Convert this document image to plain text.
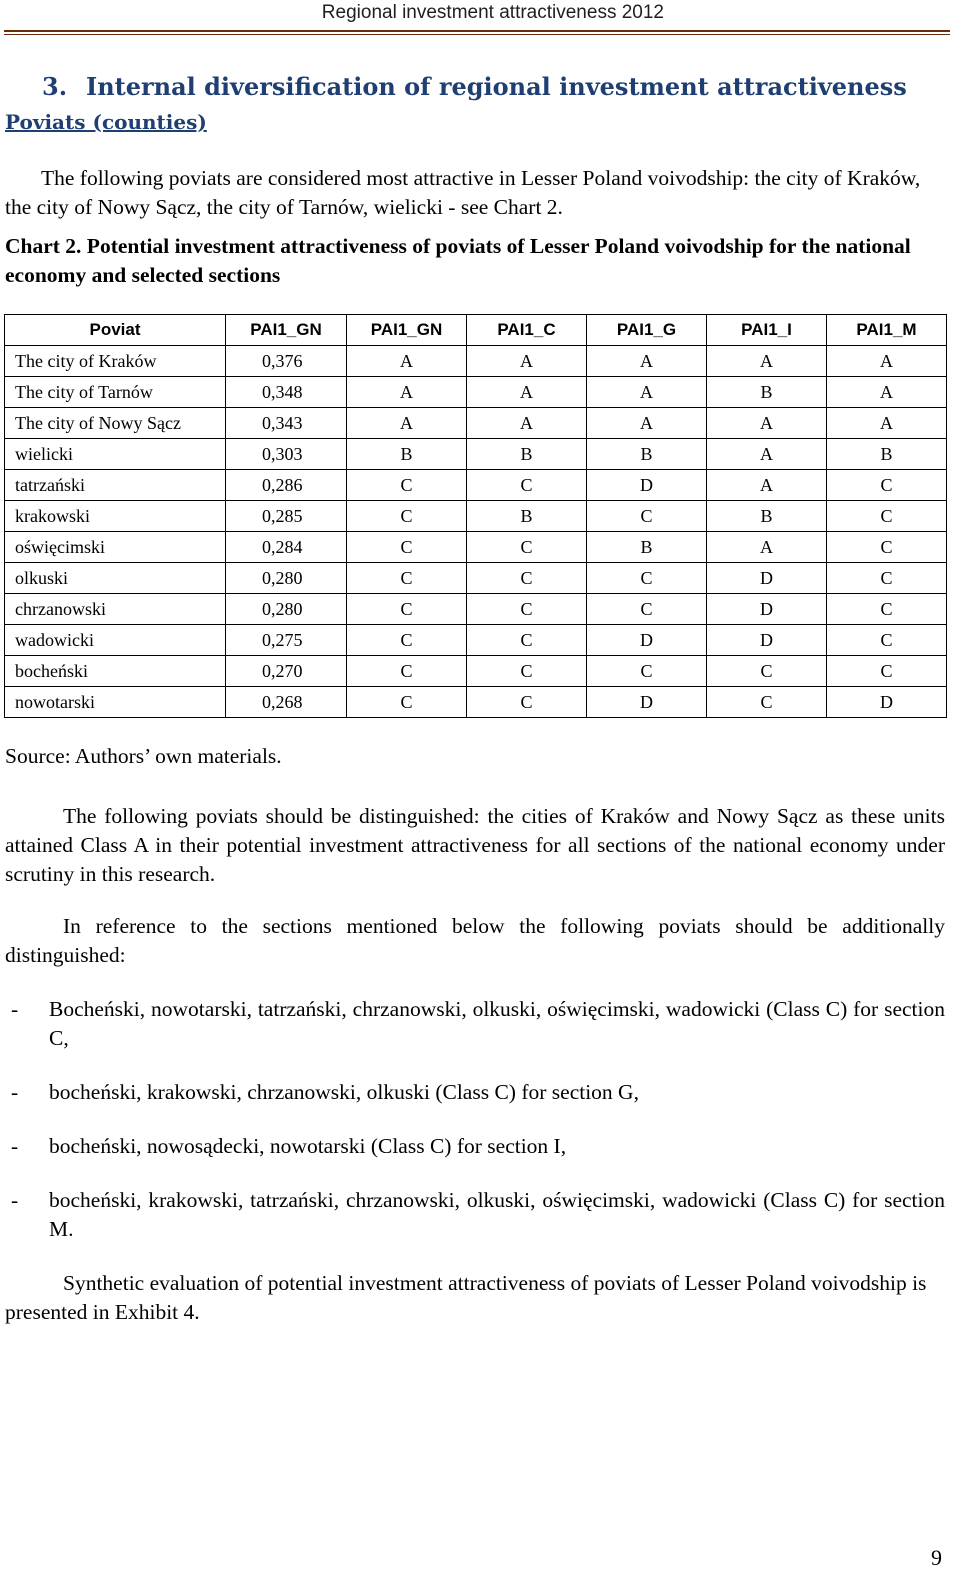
Regional investment attractiveness 2012
3. Internal diversification of regional investment attractiveness
Poviats (counties)
The following poviats are considered most attractive in Lesser Poland voivodship: the city of Kraków, the city of Nowy Sącz, the city of Tarnów, wielicki - see Chart 2.
Chart 2. Potential investment attractiveness of poviats of Lesser Poland voivodship for the national economy and selected sections
Poviat	PAI1_GN	PAI1_GN	PAI1_C	PAI1_G	PAI1_I	PAI1_M
The city of Kraków	0,376	A	A	A	A	A
The city of Tarnów	0,348	A	A	A	B	A
The city of Nowy Sącz	0,343	A	A	A	A	A
wielicki	0,303	B	B	B	A	B
tatrzański	0,286	C	C	D	A	C
krakowski	0,285	C	B	C	B	C
oświęcimski	0,284	C	C	B	A	C
olkuski	0,280	C	C	C	D	C
chrzanowski	0,280	C	C	C	D	C
wadowicki	0,275	C	C	D	D	C
bocheński	0,270	C	C	C	C	C
nowotarski	0,268	C	C	D	C	D
Source: Authors’ own materials.
The following poviats should be distinguished: the cities of Kraków and Nowy Sącz as these units attained Class A in their potential investment attractiveness for all sections of the national economy under scrutiny in this research.
In reference to the sections mentioned below the following poviats should be additionally distinguished:
- Bocheński, nowotarski, tatrzański, chrzanowski, olkuski, oświęcimski, wadowicki (Class C) for section C,
- bocheński, krakowski, chrzanowski, olkuski (Class C) for section G,
- bocheński, nowosądecki, nowotarski (Class C) for section I,
- bocheński, krakowski, tatrzański, chrzanowski, olkuski, oświęcimski, wadowicki (Class C) for section M.
Synthetic evaluation of potential investment attractiveness of poviats of Lesser Poland voivodship is presented in Exhibit 4.
9
